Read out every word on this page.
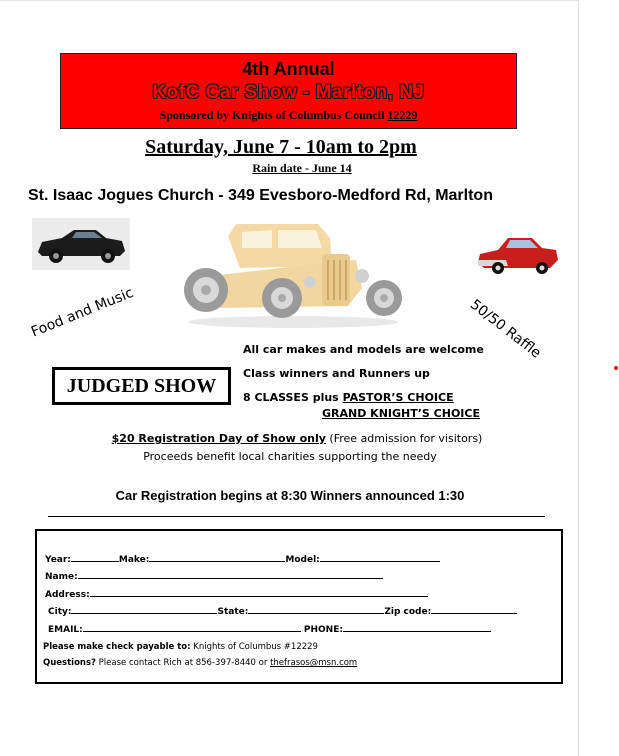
4th Annual
KofC Car Show - Marlton, NJ
Sponsored by Knights of Columbus Council 12229
Saturday, June 7 - 10am to 2pm
Rain date - June 14
St. Isaac Jogues Church - 349 Evesboro-Medford Rd, Marlton
Food and Music	50/50 Raffle
All car makes and models are welcome
JUDGED SHOW
Class winners and Runners up
8 CLASSES plus PASTOR’S CHOICE
GRAND KNIGHT’S CHOICE
$20 Registration Day of Show only (Free admission for visitors)
Proceeds benefit local charities supporting the needy
Car Registration begins at 8:30 Winners announced 1:30
Year:	Make:	Model:
Name:
Address:
City:	State:	Zip code:
EMAIL:	PHONE:
Please make check payable to: Knights of Columbus #12229
Questions? Please contact Rich at 856-397-8440 or thefrasos@msn.com
